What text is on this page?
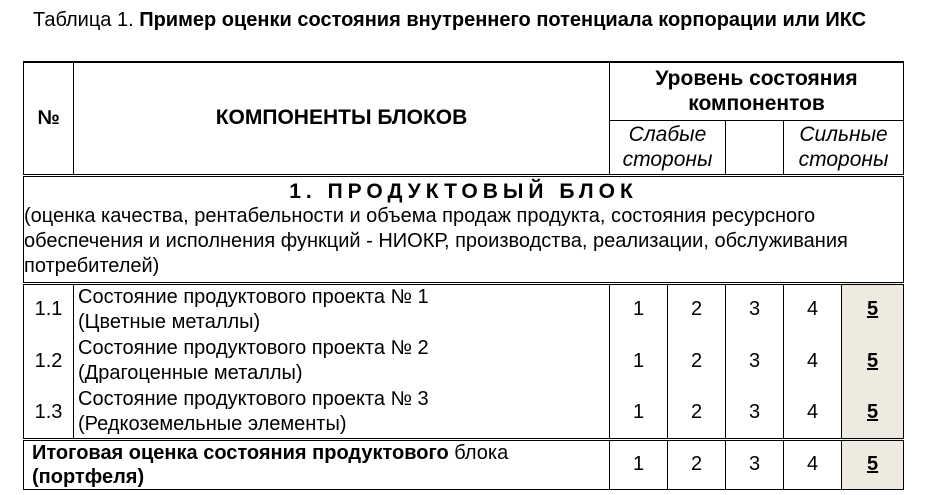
Таблица 1. Пример оценки состояния внутреннего потенциала корпорации или ИКС
№	КОМПОНЕНТЫ БЛОКОВ	Уровень состояния компонентов				
		Слабые стороны			Сильные стороны	

1. ПРОДУКТОВЫЙ БЛОК
(оценка качества, рентабельности и объема продаж продукта, состояния ресурсного обеспечения и исполнения функций - НИОКР, производства, реализации, обслуживания потребителей)						

1.1	Состояние продуктового проекта № 1
(Цветные металлы)	1	2	3	4	5
1.2	Состояние продуктового проекта № 2
(Драгоценные металлы)	1	2	3	4	5
1.3	Состояние продуктового проекта № 3
(Редкоземельные элементы)	1	2	3	4	5
Итоговая оценка состояния продуктового блока
(портфеля)		1	2	3	4	5
